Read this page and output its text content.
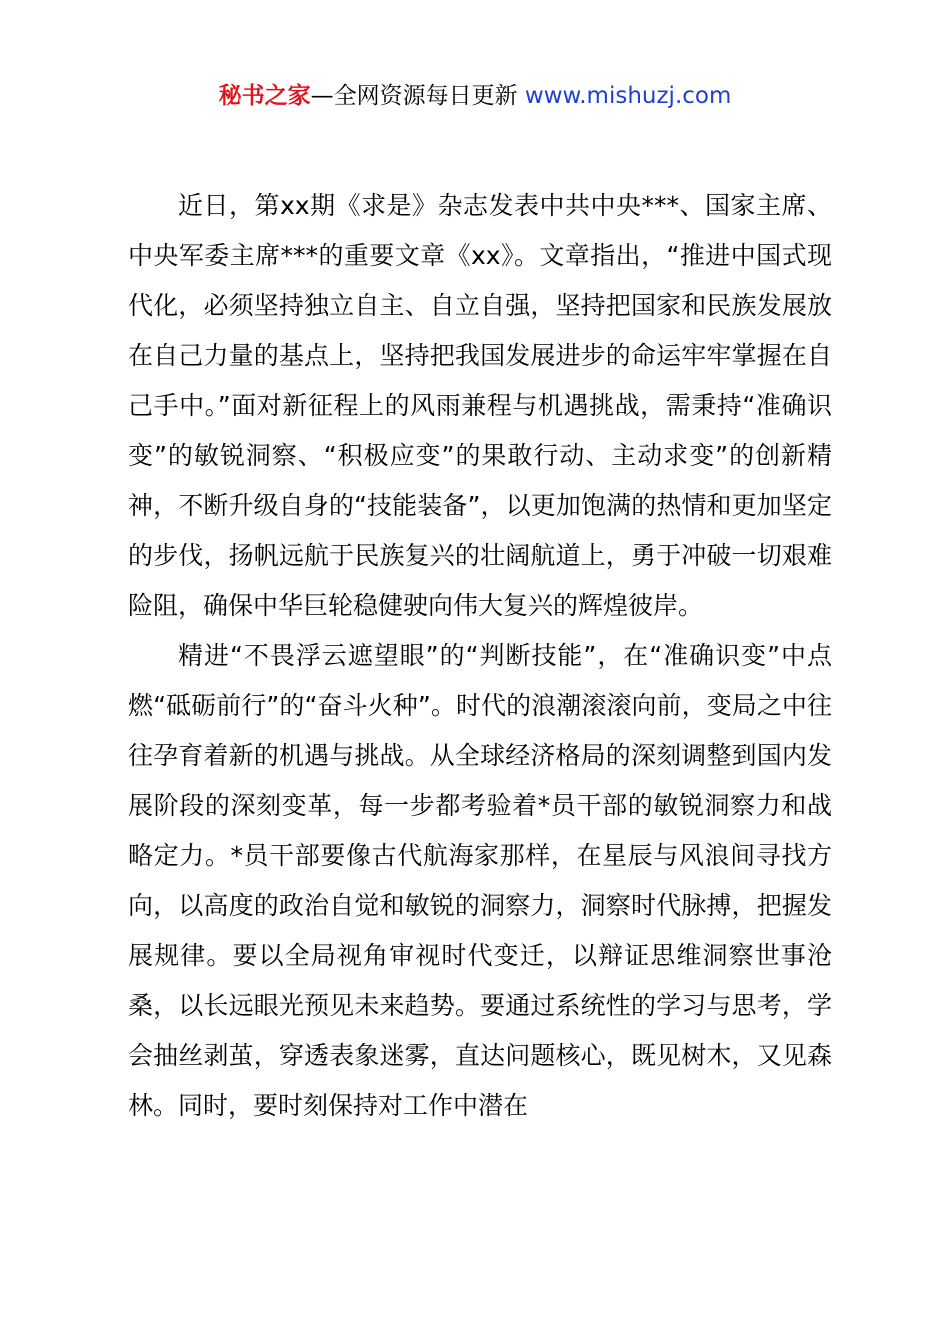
秘书之家—全网资源每日更新 www.mishuzj.com

近日，第xx期《求是》杂志发表中共中央***、国家主席、中央军委主席***的重要文章《xx》。文章指出，“推进中国式现代化，必须坚持独立自主、自立自强，坚持把国家和民族发展放在自己力量的基点上，坚持把我国发展进步的命运牢牢掌握在自己手中。”面对新征程上的风雨兼程与机遇挑战，需秉持“准确识变”的敏锐洞察、“积极应变”的果敢行动、主动求变”的创新精神，不断升级自身的“技能装备”，以更加饱满的热情和更加坚定的步伐，扬帆远航于民族复兴的壮阔航道上，勇于冲破一切艰难险阻，确保中华巨轮稳健驶向伟大复兴的辉煌彼岸。

精进“不畏浮云遮望眼”的“判断技能”，在“准确识变”中点燃“砥砺前行”的“奋斗火种”。时代的浪潮滚滚向前，变局之中往往孕育着新的机遇与挑战。从全球经济格局的深刻调整到国内发展阶段的深刻变革，每一步都考验着*员干部的敏锐洞察力和战略定力。*员干部要像古代航海家那样，在星辰与风浪间寻找方向，以高度的政治自觉和敏锐的洞察力，洞察时代脉搏，把握发展规律。要以全局视角审视时代变迁，以辩证思维洞察世事沧桑，以长远眼光预见未来趋势。要通过系统性的学习与思考，学会抽丝剥茧，穿透表象迷雾，直达问题核心，既见树木，又见森林。同时，要时刻保持对工作中潜在
